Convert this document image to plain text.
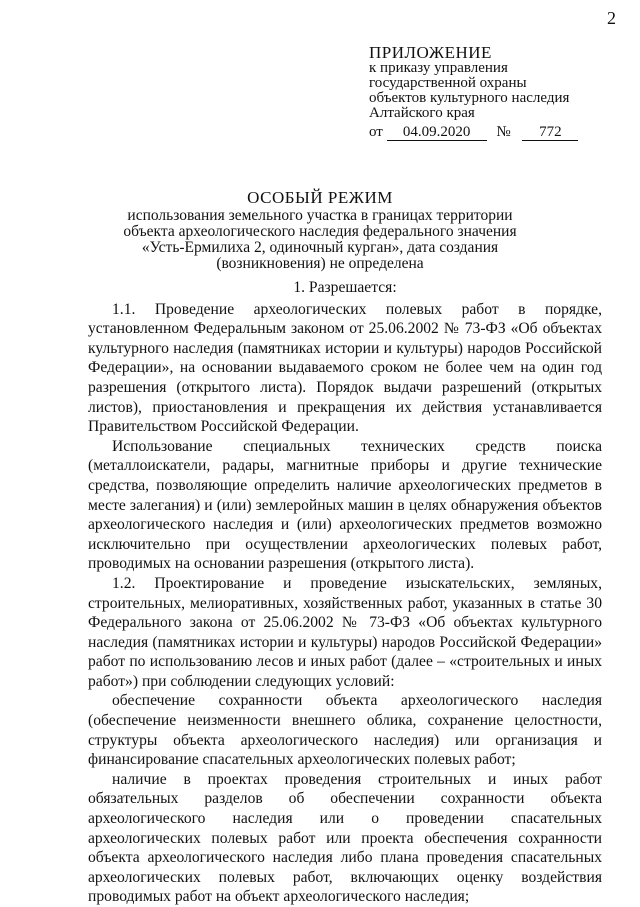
2
ПРИЛОЖЕНИЕ
к приказу управления
государственной охраны
объектов культурного наследия
Алтайского края
от 04.09.2020 № 772
ОСОБЫЙ РЕЖИМ
использования земельного участка в границах территории
объекта археологического наследия федерального значения
«Усть-Ермилиха 2, одиночный курган», дата создания
(возникновения) не определена

1. Разрешается:

1.1. Проведение археологических полевых работ в порядке, установленном Федеральным законом от 25.06.2002 № 73-ФЗ «Об объектах культурного наследия (памятниках истории и культуры) народов Российской Федерации», на основании выдаваемого сроком не более чем на один год разрешения (открытого листа). Порядок выдачи разрешений (открытых листов), приостановления и прекращения их действия устанавливается Правительством Российской Федерации.

Использование специальных технических средств поиска (металлоискатели, радары, магнитные приборы и другие технические средства, позволяющие определить наличие археологических предметов в месте залегания) и (или) землеройных машин в целях обнаружения объектов археологического наследия и (или) археологических предметов возможно исключительно при осуществлении археологических полевых работ, проводимых на основании разрешения (открытого листа).

1.2. Проектирование и проведение изыскательских, земляных, строительных, мелиоративных, хозяйственных работ, указанных в статье 30 Федерального закона от 25.06.2002 № 73-ФЗ «Об объектах культурного наследия (памятниках истории и культуры) народов Российской Федерации» работ по использованию лесов и иных работ (далее – «строительных и иных работ») при соблюдении следующих условий:

обеспечение сохранности объекта археологического наследия (обеспечение неизменности внешнего облика, сохранение целостности, структуры объекта археологического наследия) или организация и финансирование спасательных археологических полевых работ;

наличие в проектах проведения строительных и иных работ обязательных разделов об обеспечении сохранности объекта археологического наследия или о проведении спасательных археологических полевых работ или проекта обеспечения сохранности объекта археологического наследия либо плана проведения спасательных археологических полевых работ, включающих оценку воздействия проводимых работ на объект археологического наследия;
